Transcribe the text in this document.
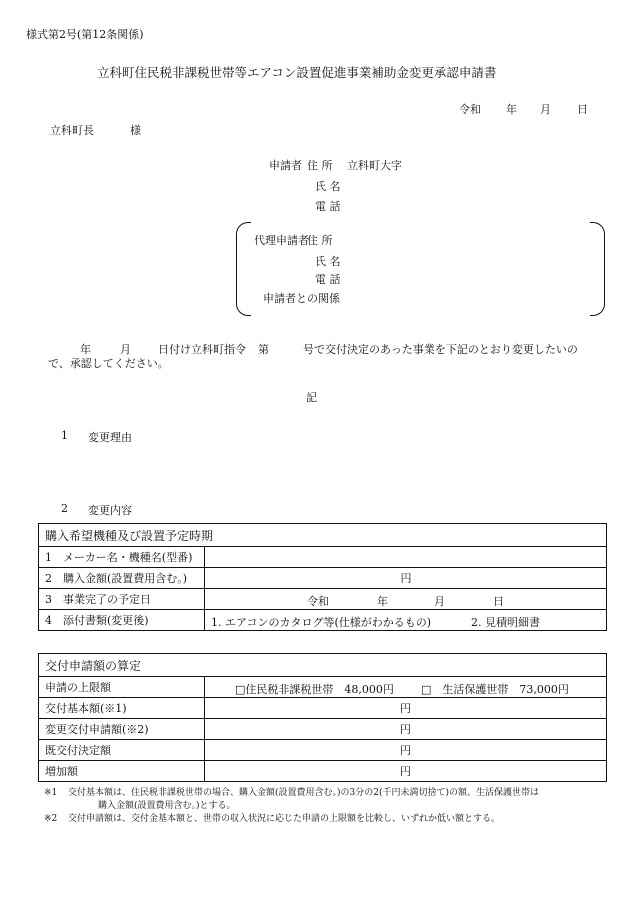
様式第2号(第12条関係)
立科町住民税非課税世帯等エアコン設置促進事業補助金変更承認申請書
令和 年 月 日
立科町長	様
申請者 住 所 立科町大字
氏 名
電 話
代理申請者
住 所
氏 名
電 話
申請者との関係
年	月 日付け立科町指令 第	号で交付決定のあった事業を下記のとおり変更したいの
で、承認してください。
記
1 変更理由
2 変更内容
購入希望機種及び設置予定時期	
1　メーカー名・機種名(型番)	
2　購入金額(設置費用含む。)	円
3　事業完了の予定日	令和 年 月 日

4　添付書類(変更後)	1. エアコンのカタログ等(仕様がわかるもの) 2. 見積明細書
交付申請額の算定	
申請の上限額	□住民税非課税世帯　48,000円 □　生活保護世帯　73,000円

交付基本額(※1)	円
変更交付申請額(※2)	円
既交付決定額	円
増加額	円
※1 交付基本額は、住民税非課税世帯の場合、購入金額(設置費用含む。)の3分の2(千円未満切捨て)の額、生活保護世帯は
購入金額(設置費用含む。)とする。
※2 交付申請額は、交付金基本額と、世帯の収入状況に応じた申請の上限額を比較し、いずれか低い額とする。
